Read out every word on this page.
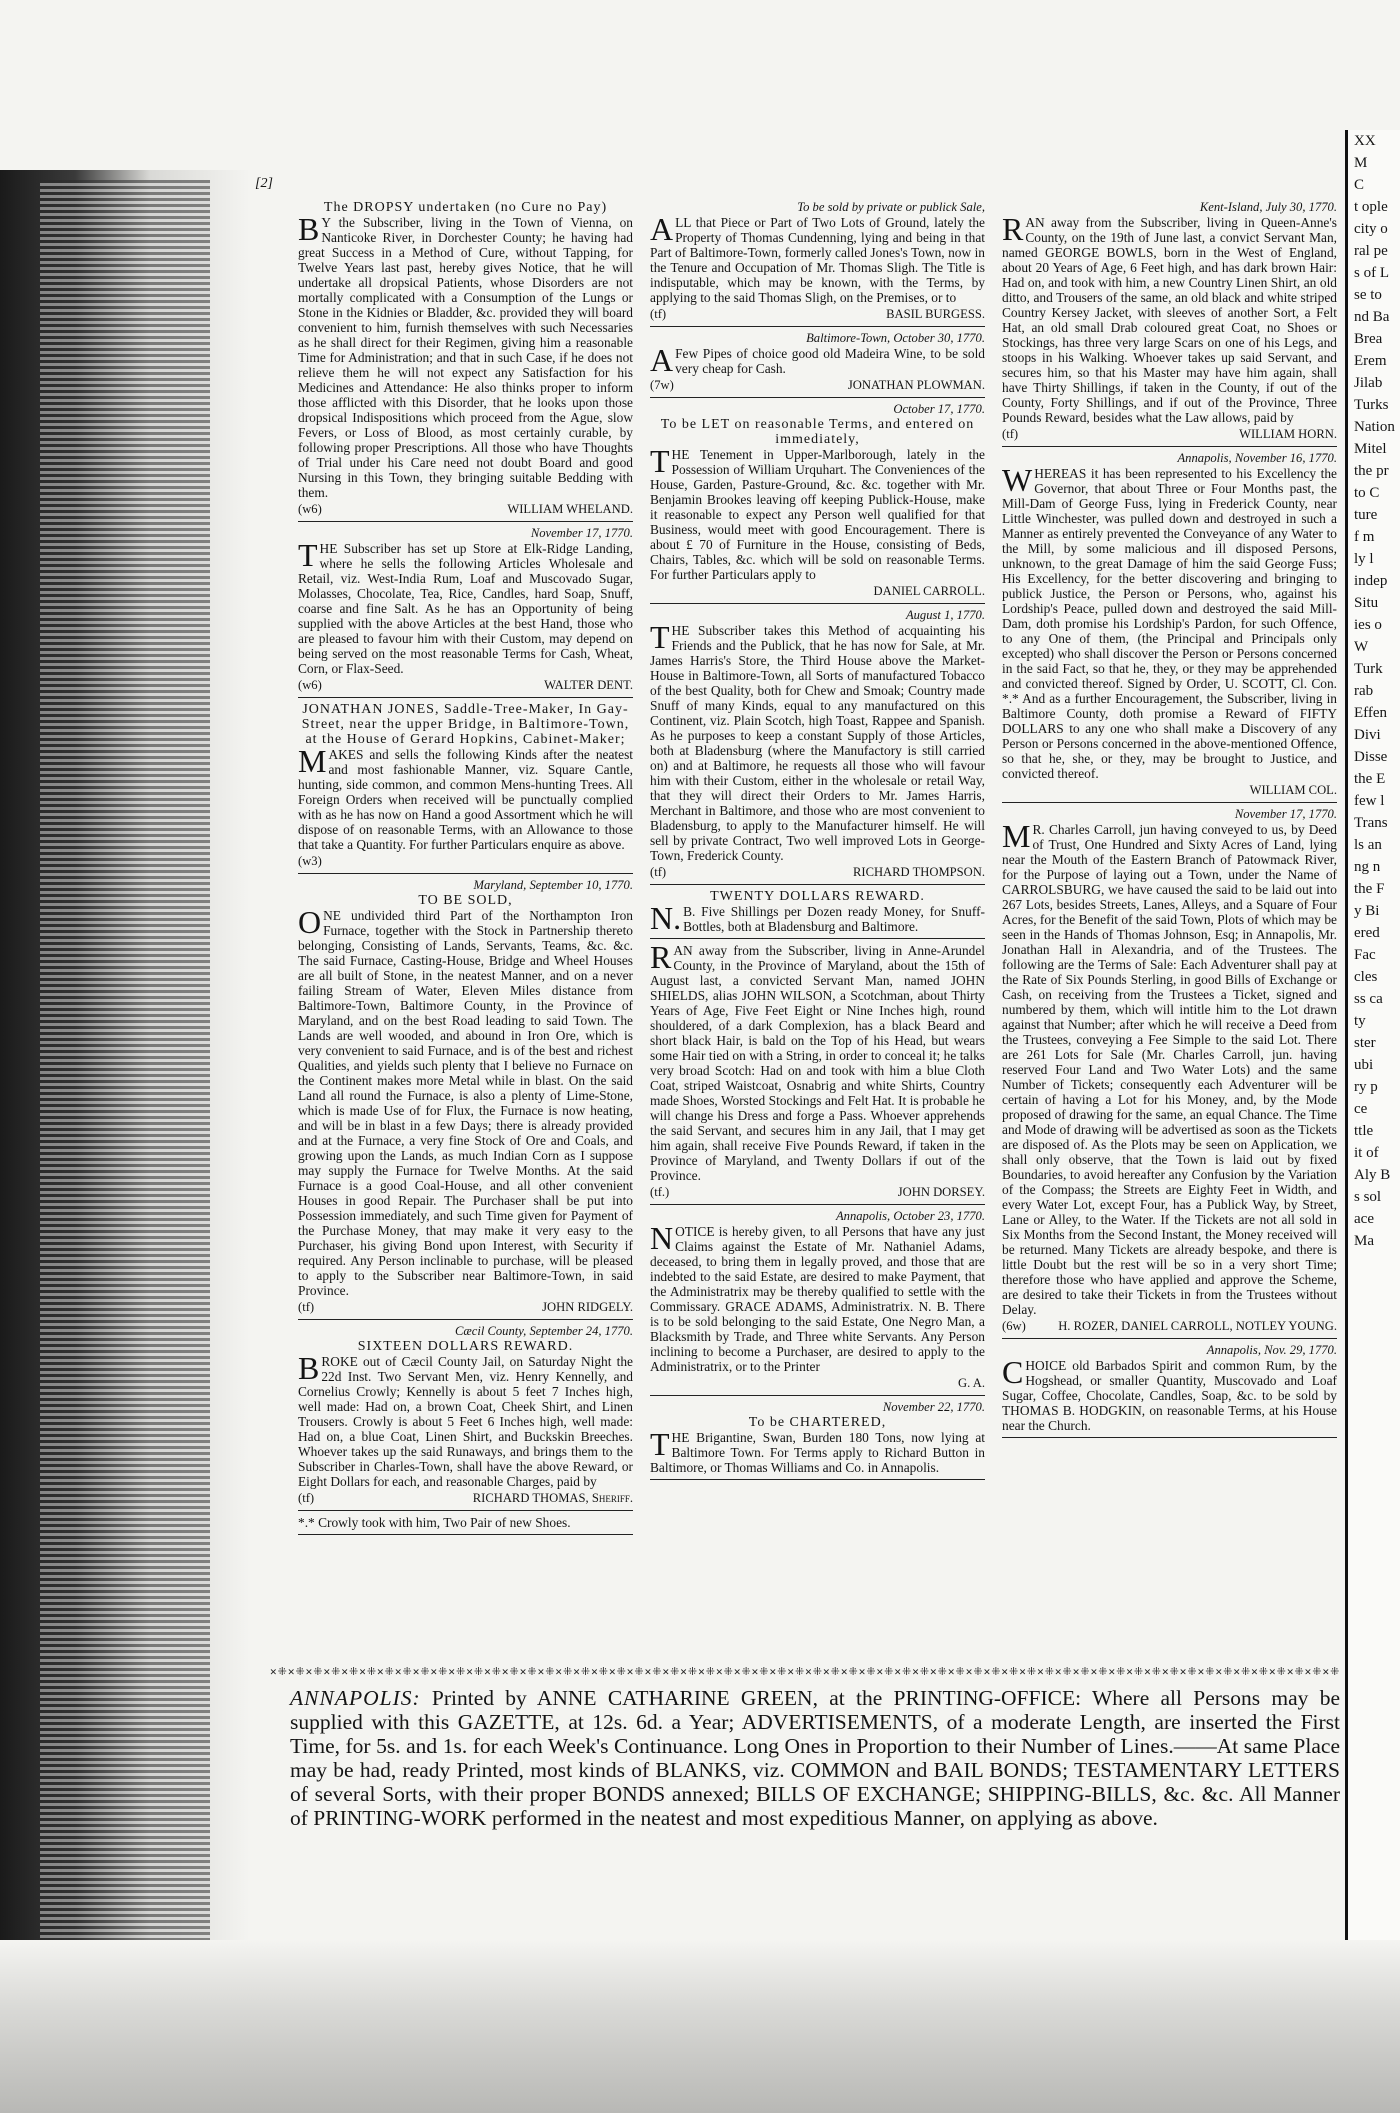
[2]
The DROPSY undertaken (no Cure no Pay)
BY the Subscriber, living in the Town of Vienna, on Nanticoke River, in Dorchester County; he having had great Success in a Method of Cure, without Tapping, for Twelve Years last past, hereby gives Notice, that he will undertake all dropsical Patients, whose Disorders are not mortally complicated with a Consumption of the Lungs or Stone in the Kidnies or Bladder, &c. provided they will board convenient to him, furnish themselves with such Necessaries as he shall direct for their Regimen, giving him a reasonable Time for Administration; and that in such Case, if he does not relieve them he will not expect any Satisfaction for his Medicines and Attendance: He also thinks proper to inform those afflicted with this Disorder, that he looks upon those dropsical Indispositions which proceed from the Ague, slow Fevers, or Loss of Blood, as most certainly curable, by following proper Prescriptions. All those who have Thoughts of Trial under his Care need not doubt Board and good Nursing in this Town, they bringing suitable Bedding with them.
(w6)	WILLIAM WHELAND.
November 17, 1770.
THE Subscriber has set up Store at Elk-Ridge Landing, where he sells the following Articles Wholesale and Retail, viz. West-India Rum, Loaf and Muscovado Sugar, Molasses, Chocolate, Tea, Rice, Candles, hard Soap, Snuff, coarse and fine Salt. As he has an Opportunity of being supplied with the above Articles at the best Hand, those who are pleased to favour him with their Custom, may depend on being served on the most reasonable Terms for Cash, Wheat, Corn, or Flax-Seed.
(w6)	WALTER DENT.
JONATHAN JONES, Saddle-Tree-Maker, In Gay-Street, near the upper Bridge, in Baltimore-Town, at the House of Gerard Hopkins, Cabinet-Maker;
MAKES and sells the following Kinds after the neatest and most fashionable Manner, viz. Square Cantle, hunting, side common, and common Mens-hunting Trees. All Foreign Orders when received will be punctually complied with as he has now on Hand a good Assortment which he will dispose of on reasonable Terms, with an Allowance to those that take a Quantity. For further Particulars enquire as above.
(w3)
Maryland, September 10, 1770.
TO BE SOLD,
ONE undivided third Part of the Northampton Iron Furnace, together with the Stock in Partnership thereto belonging, Consisting of Lands, Servants, Teams, &c. &c. The said Furnace, Casting-House, Bridge and Wheel Houses are all built of Stone, in the neatest Manner, and on a never failing Stream of Water, Eleven Miles distance from Baltimore-Town, Baltimore County, in the Province of Maryland, and on the best Road leading to said Town. The Lands are well wooded, and abound in Iron Ore, which is very convenient to said Furnace, and is of the best and richest Qualities, and yields such plenty that I believe no Furnace on the Continent makes more Metal while in blast. On the said Land all round the Furnace, is also a plenty of Lime-Stone, which is made Use of for Flux, the Furnace is now heating, and will be in blast in a few Days; there is already provided and at the Furnace, a very fine Stock of Ore and Coals, and growing upon the Lands, as much Indian Corn as I suppose may supply the Furnace for Twelve Months. At the said Furnace is a good Coal-House, and all other convenient Houses in good Repair. The Purchaser shall be put into Possession immediately, and such Time given for Payment of the Purchase Money, that may make it very easy to the Purchaser, his giving Bond upon Interest, with Security if required. Any Person inclinable to purchase, will be pleased to apply to the Subscriber near Baltimore-Town, in said Province.
(tf)	JOHN RIDGELY.
Cæcil County, September 24, 1770.
SIXTEEN DOLLARS REWARD.
BROKE out of Cæcil County Jail, on Saturday Night the 22d Inst. Two Servant Men, viz. Henry Kennelly, and Cornelius Crowly; Kennelly is about 5 feet 7 Inches high, well made: Had on, a brown Coat, Cheek Shirt, and Linen Trousers. Crowly is about 5 Feet 6 Inches high, well made: Had on, a blue Coat, Linen Shirt, and Buckskin Breeches. Whoever takes up the said Runaways, and brings them to the Subscriber in Charles-Town, shall have the above Reward, or Eight Dollars for each, and reasonable Charges, paid by
(tf)	RICHARD THOMAS, Sheriff.
*.* Crowly took with him, Two Pair of new Shoes.
To be sold by private or publick Sale,
ALL that Piece or Part of Two Lots of Ground, lately the Property of Thomas Cundenning, lying and being in that Part of Baltimore-Town, formerly called Jones's Town, now in the Tenure and Occupation of Mr. Thomas Sligh. The Title is indisputable, which may be known, with the Terms, by applying to the said Thomas Sligh, on the Premises, or to
(tf)	BASIL BURGESS.
Baltimore-Town, October 30, 1770.
AFew Pipes of choice good old Madeira Wine, to be sold very cheap for Cash.
(7w)	JONATHAN PLOWMAN.
October 17, 1770.
To be LET on reasonable Terms, and entered on immediately,
THE Tenement in Upper-Marlborough, lately in the Possession of William Urquhart. The Conveniences of the House, Garden, Pasture-Ground, &c. &c. together with Mr. Benjamin Brookes leaving off keeping Publick-House, make it reasonable to expect any Person well qualified for that Business, would meet with good Encouragement. There is about £ 70 of Furniture in the House, consisting of Beds, Chairs, Tables, &c. which will be sold on reasonable Terms. For further Particulars apply to
DANIEL CARROLL.
August 1, 1770.
THE Subscriber takes this Method of acquainting his Friends and the Publick, that he has now for Sale, at Mr. James Harris's Store, the Third House above the Market-House in Baltimore-Town, all Sorts of manufactured Tobacco of the best Quality, both for Chew and Smoak; Country made Snuff of many Kinds, equal to any manufactured on this Continent, viz. Plain Scotch, high Toast, Rappee and Spanish. As he purposes to keep a constant Supply of those Articles, both at Bladensburg (where the Manufactory is still carried on) and at Baltimore, he requests all those who will favour him with their Custom, either in the wholesale or retail Way, that they will direct their Orders to Mr. James Harris, Merchant in Baltimore, and those who are most convenient to Bladensburg, to apply to the Manufacturer himself. He will sell by private Contract, Two well improved Lots in George-Town, Frederick County.
(tf)	RICHARD THOMPSON.
TWENTY DOLLARS REWARD.
N.B. Five Shillings per Dozen ready Money, for Snuff-Bottles, both at Bladensburg and Baltimore.
RAN away from the Subscriber, living in Anne-Arundel County, in the Province of Maryland, about the 15th of August last, a convicted Servant Man, named JOHN SHIELDS, alias JOHN WILSON, a Scotchman, about Thirty Years of Age, Five Feet Eight or Nine Inches high, round shouldered, of a dark Complexion, has a black Beard and short black Hair, is bald on the Top of his Head, but wears some Hair tied on with a String, in order to conceal it; he talks very broad Scotch: Had on and took with him a blue Cloth Coat, striped Waistcoat, Osnabrig and white Shirts, Country made Shoes, Worsted Stockings and Felt Hat. It is probable he will change his Dress and forge a Pass. Whoever apprehends the said Servant, and secures him in any Jail, that I may get him again, shall receive Five Pounds Reward, if taken in the Province of Maryland, and Twenty Dollars if out of the Province.
(tf.)	JOHN DORSEY.
Annapolis, October 23, 1770.
NOTICE is hereby given, to all Persons that have any just Claims against the Estate of Mr. Nathaniel Adams, deceased, to bring them in legally proved, and those that are indebted to the said Estate, are desired to make Payment, that the Administratrix may be thereby qualified to settle with the Commissary. GRACE ADAMS, Administratrix. N. B. There is to be sold belonging to the said Estate, One Negro Man, a Blacksmith by Trade, and Three white Servants. Any Person inclining to become a Purchaser, are desired to apply to the Administratrix, or to the Printer
G. A.
November 22, 1770.
To be CHARTERED,
THE Brigantine, Swan, Burden 180 Tons, now lying at Baltimore Town. For Terms apply to Richard Button in Baltimore, or Thomas Williams and Co. in Annapolis.
Kent-Island, July 30, 1770.
RAN away from the Subscriber, living in Queen-Anne's County, on the 19th of June last, a convict Servant Man, named GEORGE BOWLS, born in the West of England, about 20 Years of Age, 6 Feet high, and has dark brown Hair: Had on, and took with him, a new Country Linen Shirt, an old ditto, and Trousers of the same, an old black and white striped Country Kersey Jacket, with sleeves of another Sort, a Felt Hat, an old small Drab coloured great Coat, no Shoes or Stockings, has three very large Scars on one of his Legs, and stoops in his Walking. Whoever takes up said Servant, and secures him, so that his Master may have him again, shall have Thirty Shillings, if taken in the County, if out of the County, Forty Shillings, and if out of the Province, Three Pounds Reward, besides what the Law allows, paid by
(tf)	WILLIAM HORN.
Annapolis, November 16, 1770.
WHEREAS it has been represented to his Excellency the Governor, that about Three or Four Months past, the Mill-Dam of George Fuss, lying in Frederick County, near Little Winchester, was pulled down and destroyed in such a Manner as entirely prevented the Conveyance of any Water to the Mill, by some malicious and ill disposed Persons, unknown, to the great Damage of him the said George Fuss; His Excellency, for the better discovering and bringing to publick Justice, the Person or Persons, who, against his Lordship's Peace, pulled down and destroyed the said Mill-Dam, doth promise his Lordship's Pardon, for such Offence, to any One of them, (the Principal and Principals only excepted) who shall discover the Person or Persons concerned in the said Fact, so that he, they, or they may be apprehended and convicted thereof. Signed by Order, U. SCOTT, Cl. Con. *.* And as a further Encouragement, the Subscriber, living in Baltimore County, doth promise a Reward of FIFTY DOLLARS to any one who shall make a Discovery of any Person or Persons concerned in the above-mentioned Offence, so that he, she, or they, may be brought to Justice, and convicted thereof.
WILLIAM COL.
November 17, 1770.
MR. Charles Carroll, jun having conveyed to us, by Deed of Trust, One Hundred and Sixty Acres of Land, lying near the Mouth of the Eastern Branch of Patowmack River, for the Purpose of laying out a Town, under the Name of CARROLSBURG, we have caused the said to be laid out into 267 Lots, besides Streets, Lanes, Alleys, and a Square of Four Acres, for the Benefit of the said Town, Plots of which may be seen in the Hands of Thomas Johnson, Esq; in Annapolis, Mr. Jonathan Hall in Alexandria, and of the Trustees. The following are the Terms of Sale: Each Adventurer shall pay at the Rate of Six Pounds Sterling, in good Bills of Exchange or Cash, on receiving from the Trustees a Ticket, signed and numbered by them, which will intitle him to the Lot drawn against that Number; after which he will receive a Deed from the Trustees, conveying a Fee Simple to the said Lot. There are 261 Lots for Sale (Mr. Charles Carroll, jun. having reserved Four Land and Two Water Lots) and the same Number of Tickets; consequently each Adventurer will be certain of having a Lot for his Money, and, by the Mode proposed of drawing for the same, an equal Chance. The Time and Mode of drawing will be advertised as soon as the Tickets are disposed of. As the Plots may be seen on Application, we shall only observe, that the Town is laid out by fixed Boundaries, to avoid hereafter any Confusion by the Variation of the Compass; the Streets are Eighty Feet in Width, and every Water Lot, except Four, has a Publick Way, by Street, Lane or Alley, to the Water. If the Tickets are not all sold in Six Months from the Second Instant, the Money received will be returned. Many Tickets are already bespoke, and there is little Doubt but the rest will be so in a very short Time; therefore those who have applied and approve the Scheme, are desired to take their Tickets in from the Trustees without Delay.
(6w)	H. ROZER, DANIEL CARROLL, NOTLEY YOUNG.
Annapolis, Nov. 29, 1770.
CHOICE old Barbados Spirit and common Rum, by the Hogshead, or smaller Quantity, Muscovado and Loaf Sugar, Coffee, Chocolate, Candles, Soap, &c. to be sold by THOMAS B. HODGKIN, on reasonable Terms, at his House near the Church.
✕⁜✕⁜✕⁜✕⁜✕⁜✕⁜✕⁜✕⁜✕⁜✕⁜✕⁜✕⁜✕⁜✕⁜✕⁜✕⁜✕⁜✕⁜✕⁜✕⁜✕⁜✕⁜✕⁜✕⁜✕⁜✕⁜✕⁜✕⁜✕⁜✕⁜✕⁜✕⁜✕⁜✕⁜✕⁜✕⁜✕⁜✕⁜✕⁜✕⁜✕⁜✕⁜✕⁜✕⁜✕⁜✕⁜✕⁜✕⁜✕⁜✕⁜✕⁜✕⁜✕⁜✕⁜✕⁜✕⁜✕⁜✕⁜✕⁜✕⁜
ANNAPOLIS: Printed by ANNE CATHARINE GREEN, at the PRINTING-OFFICE: Where all Persons may be supplied with this GAZETTE, at 12s. 6d. a Year; ADVERTISEMENTS, of a moderate Length, are inserted the First Time, for 5s. and 1s. for each Week's Continuance. Long Ones in Proportion to their Number of Lines.——At same Place may be had, ready Printed, most kinds of BLANKS, viz. COMMON and BAIL BONDS; TESTAMENTARY LETTERS of several Sorts, with their proper BONDS annexed; BILLS OF EXCHANGE; SHIPPING-BILLS, &c. &c. All Manner of PRINTING-WORK performed in the neatest and most expeditious Manner, on applying as above.
XX
M
C
t ople
city o
ral pe
s of L
se to
nd Ba
Brea
Erem
Jilab
Turks
Nation
Mitel
the pr
to C
ture
f m
ly l
indep
Situ
ies o
W
Turk
rab
Effen
Divi
Disse
the E
few l
Trans
ls an
ng n
the F
y Bi
ered
Fac
cles
ss ca
ty
ster
ubi
ry p
ce
ttle
it of
Aly B
s sol
ace
Ma
